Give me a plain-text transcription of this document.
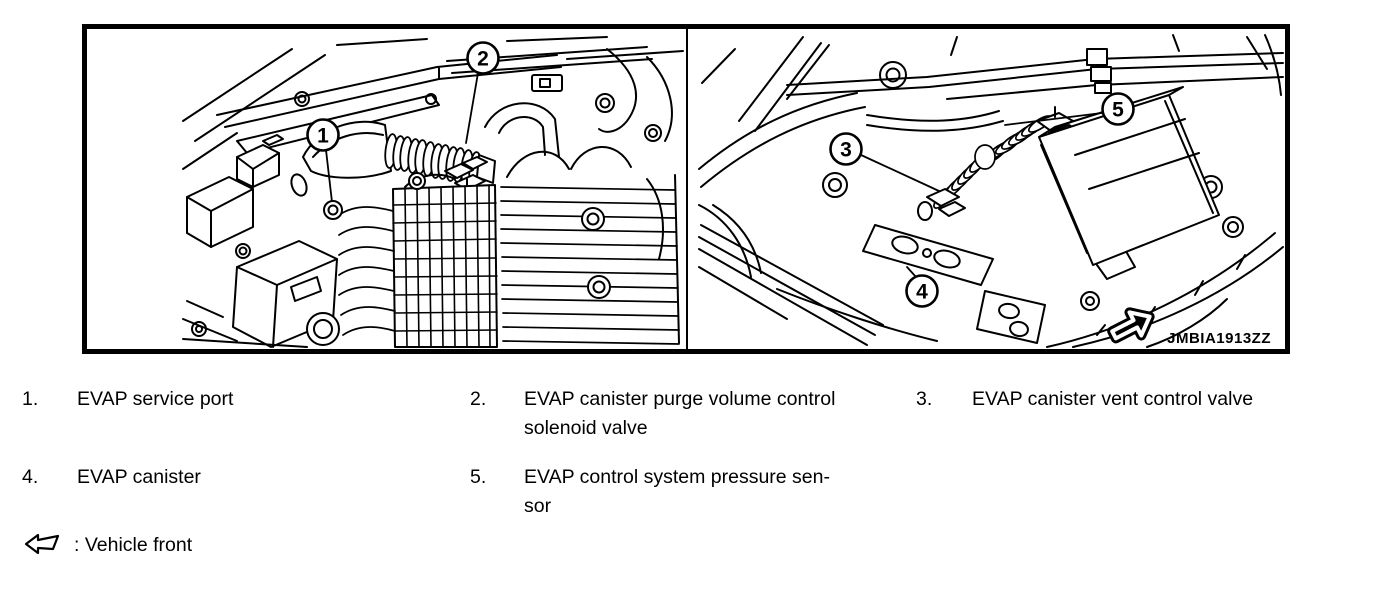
1
2
3
4
5
JMBIA1913ZZ
1. EVAP service port	2. EVAP canister purge volume control
solenoid valve
3. EVAP canister vent control valve
4. EVAP canister	5. EVAP control system pressure sen-
sor
: Vehicle front
